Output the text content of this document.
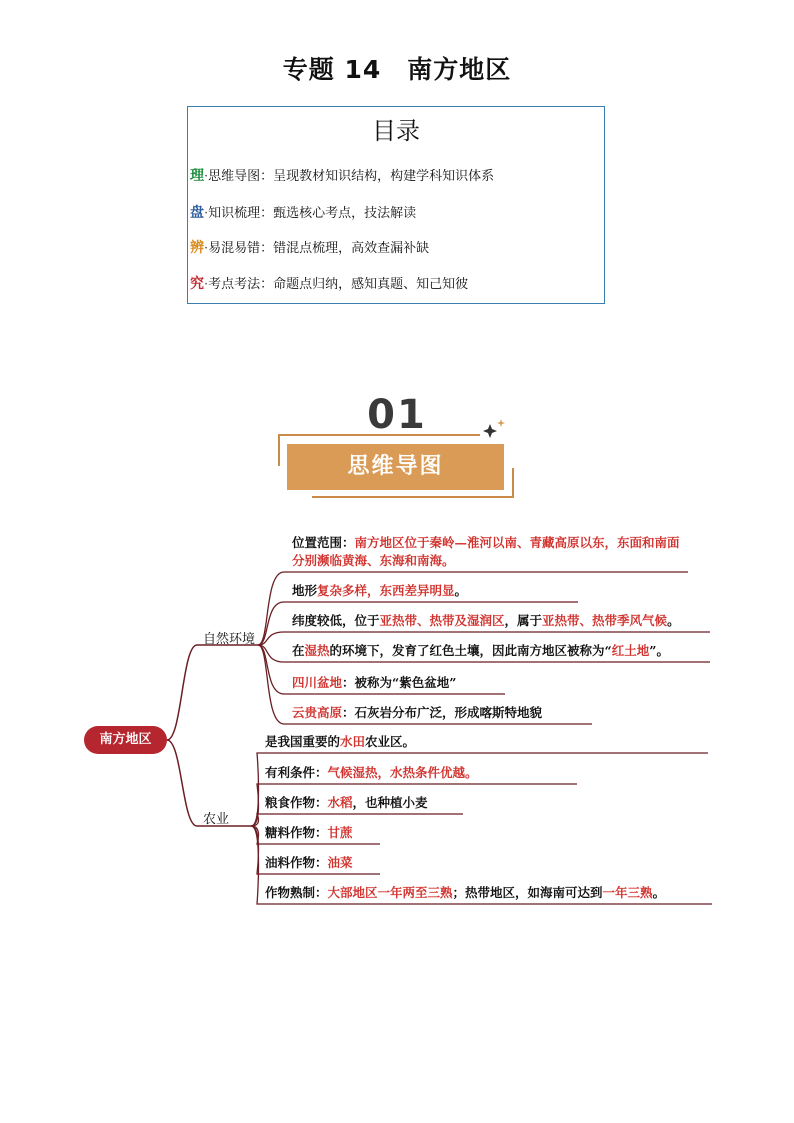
专题 14　南方地区
目录
理·思维导图：呈现教材知识结构，构建学科知识体系
盘·知识梳理：甄选核心考点，技法解读
辨·易混易错：错混点梳理，高效查漏补缺
究·考点考法：命题点归纳，感知真题、知己知彼
01
思维导图
南方地区
自然环境
位置范围：南方地区位于秦岭—淮河以南、青藏高原以东，东面和南面分别濒临黄海、东海和南海。
地形复杂多样，东西差异明显。
纬度较低，位于亚热带、热带及湿润区，属于亚热带、热带季风气候。
在湿热的环境下，发育了红色土壤，因此南方地区被称为“红土地”。
四川盆地：被称为“紫色盆地”
云贵高原：石灰岩分布广泛，形成喀斯特地貌
农业
是我国重要的水田农业区。
有利条件：气候湿热，水热条件优越。
粮食作物：水稻，也种植小麦
糖料作物：甘蔗
油料作物：油菜
作物熟制：大部地区一年两至三熟；热带地区，如海南可达到一年三熟。
